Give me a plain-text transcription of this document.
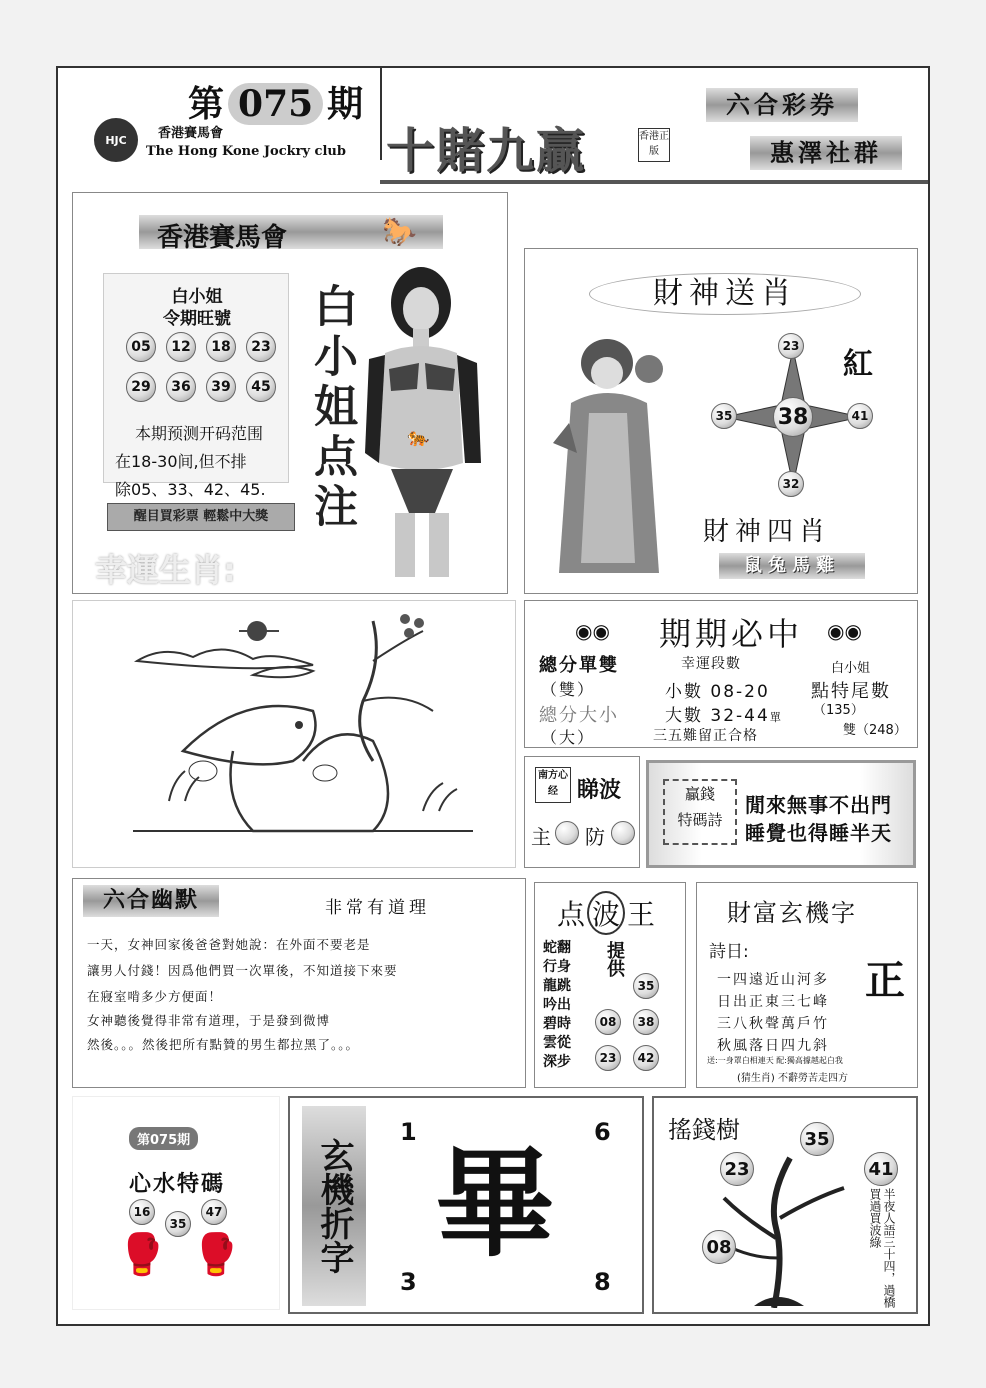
第 075 期
HJC	香港賽馬會
The Hong Kone Jockry club 十賭九贏	香港正版
六合彩券
惠澤社群
香港賽馬會	🐎
白小姐
令期旺號
05	12	18	23
29	36	39	45
本期预测开码范围
在18-30间,但不排
除05、33、42、45.
醒目買彩票 輕鬆中大獎 白小姐点注	🐅
幸運生肖:
財神送肖
38
23
35	41
32
紅
財神四肖
鼠兔馬雞
期期必中
◉◉	◉◉
總分單雙
（雙）
總分大小
（大）
幸運段數
小數 08-20
大數 32-44單
三五難留正合格
白小姐
點特尾數
（135）
雙（248）
南方心经 睇波
主 防
贏錢
特碼詩
閒來無事不出門
睡覺也得睡半天
六合幽默	非常有道理
一天，女神回家後爸爸對她說：在外面不要老是
讓男人付錢！因爲他們買一次單後，不知道接下來要
在寢室啃多少方便面！
女神聽後覺得非常有道理，于是發到微博
然後。。。然後把所有點贊的男生都拉黑了。。。
点 波 王
蛇翻
行身
龍跳
吟出
碧時
雲從
深步
提供
35
08	38
23	42
財富玄機字
詩日:
正
一四遠近山河多
日出正東三七峰
三八秋聲萬戶竹
秋風落日四九斜
送:一身罩白相連天 配:獨高據越起白我
(猜生肖) 不辭勞苦走四方
第075期
心水特碼
16
35
47
🥊 🥊	玄機折字
1	6
3	8
畢
搖錢樹	35
23	41
08	半夜人語三十四，過橋買過買波綠
